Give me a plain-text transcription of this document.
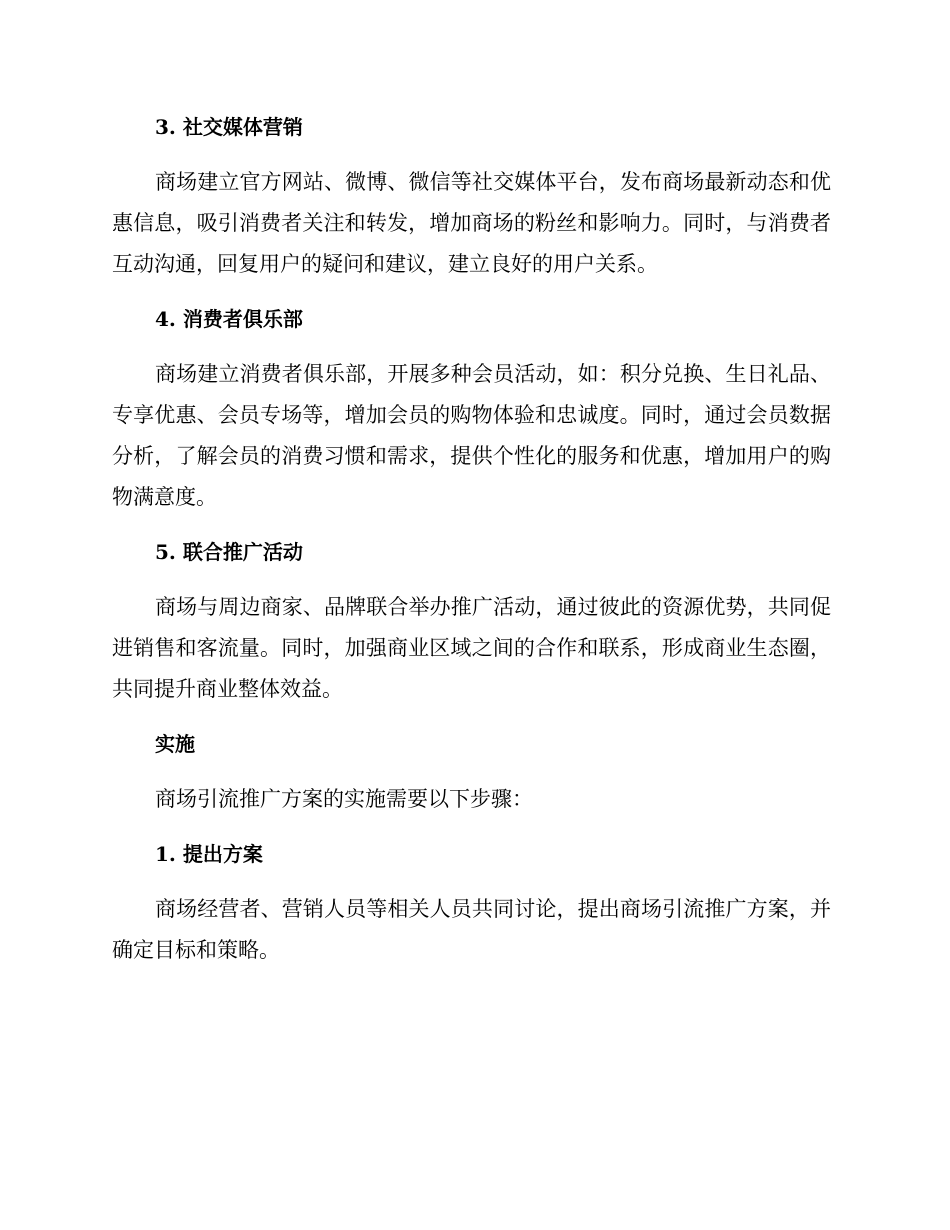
3. 社交媒体营销

商场建立官方网站、微博、微信等社交媒体平台，发布商场最新动态和优惠信息，吸引消费者关注和转发，增加商场的粉丝和影响力。同时，与消费者互动沟通，回复用户的疑问和建议，建立良好的用户关系。

4. 消费者俱乐部

商场建立消费者俱乐部，开展多种会员活动，如：积分兑换、生日礼品、专享优惠、会员专场等，增加会员的购物体验和忠诚度。同时，通过会员数据分析，了解会员的消费习惯和需求，提供个性化的服务和优惠，增加用户的购物满意度。

5. 联合推广活动

商场与周边商家、品牌联合举办推广活动，通过彼此的资源优势，共同促进销售和客流量。同时，加强商业区域之间的合作和联系，形成商业生态圈，共同提升商业整体效益。

实施

商场引流推广方案的实施需要以下步骤：

1. 提出方案

商场经营者、营销人员等相关人员共同讨论，提出商场引流推广方案，并确定目标和策略。
